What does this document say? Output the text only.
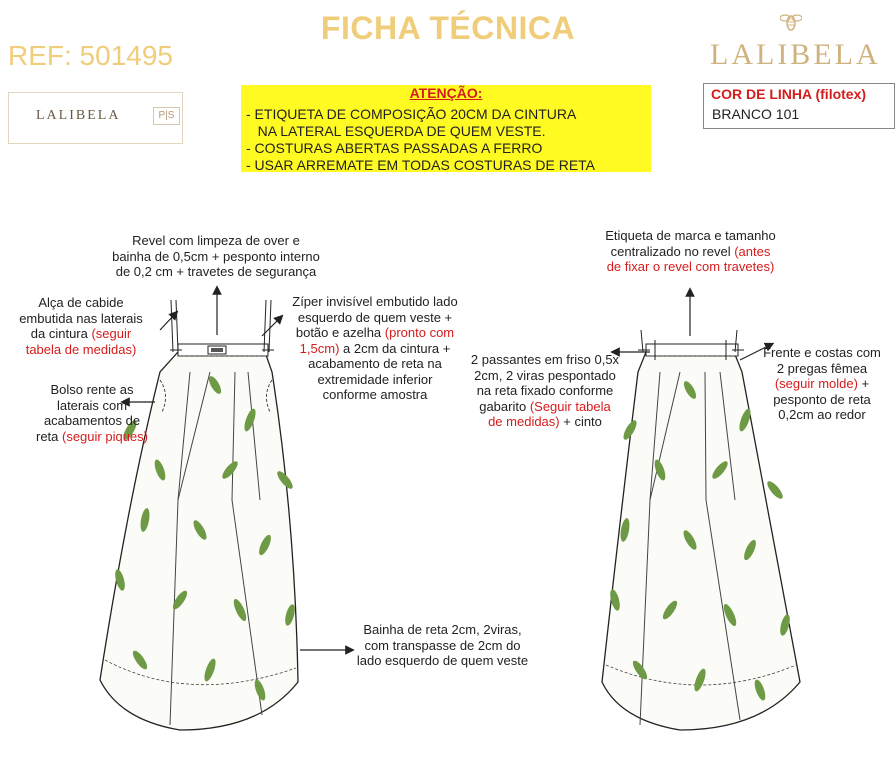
FICHA TÉCNICA
REF: 501495	LALIBELA
LALIBELA	P|S
ATENÇÃO:
- ETIQUETA DE COMPOSIÇÃO 20CM DA CINTURA
NA LATERAL ESQUERDA DE QUEM VESTE.
- COSTURAS ABERTAS PASSADAS A FERRO
- USAR ARREMATE EM TODAS COSTURAS DE RETA
COR DE LINHA (filotex)
BRANCO 101
Revel com limpeza de over e
bainha de 0,5cm + pesponto interno
de 0,2 cm + travetes de segurança
Alça de cabide
embutida nas laterais
da cintura (seguir
tabela de medidas)
Bolso rente as
laterais com
acabamentos de
reta (seguir piques)
Zíper invisível embutido lado
esquerdo de quem veste +
botão e azelha (pronto com
1,5cm) a 2cm da cintura +
acabamento de reta na
extremidade inferior
conforme amostra
Bainha de reta 2cm, 2viras,
com transpasse de 2cm do
lado esquerdo de quem veste
Etiqueta de marca e tamanho
centralizado no revel (antes
de fixar o revel com travetes)
2 passantes em friso 0,5x
2cm, 2 viras pespontado
na reta fixado conforme
gabarito (Seguir tabela
de medidas) + cinto
Frente e costas com
2 pregas fêmea
(seguir molde) +
pesponto de reta
0,2cm ao redor
